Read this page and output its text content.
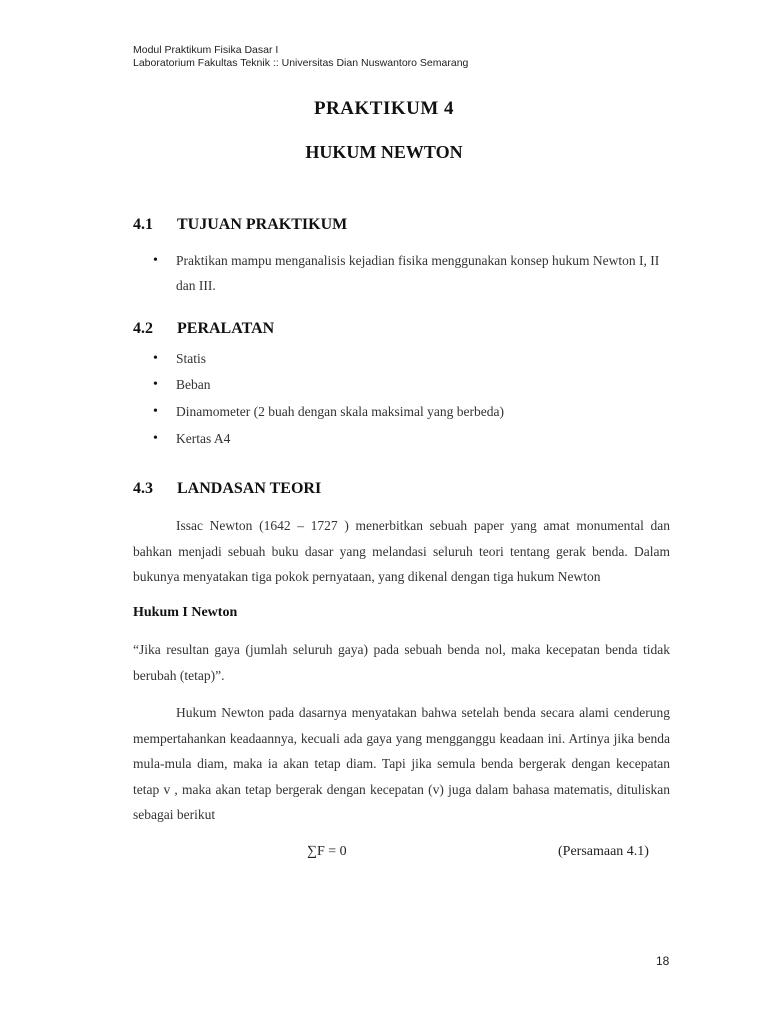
Modul Praktikum Fisika Dasar I
Laboratorium Fakultas Teknik :: Universitas Dian Nuswantoro Semarang
PRAKTIKUM 4
HUKUM NEWTON
4.1 TUJUAN PRAKTIKUM
• Praktikan mampu menganalisis kejadian fisika menggunakan konsep hukum Newton I, II dan III.
4.2 PERALATAN
• Statis
• Beban
• Dinamometer (2 buah dengan skala maksimal yang berbeda)
• Kertas A4
4.3 LANDASAN TEORI
Issac Newton (1642 – 1727 ) menerbitkan sebuah paper yang amat monumental dan bahkan menjadi sebuah buku dasar yang melandasi seluruh teori tentang gerak benda. Dalam bukunya menyatakan tiga pokok pernyataan, yang dikenal dengan tiga hukum Newton
Hukum I Newton
“Jika resultan gaya (jumlah seluruh gaya) pada sebuah benda nol, maka kecepatan benda tidak berubah (tetap)”.
Hukum Newton pada dasarnya menyatakan bahwa setelah benda secara alami cenderung mempertahankan keadaannya, kecuali ada gaya yang mengganggu keadaan ini. Artinya jika benda mula-mula diam, maka ia akan tetap diam. Tapi jika semula benda bergerak dengan kecepatan tetap v , maka akan tetap bergerak dengan kecepatan (v) juga dalam bahasa matematis, dituliskan sebagai berikut
∑F = 0	(Persamaan 4.1)
18
